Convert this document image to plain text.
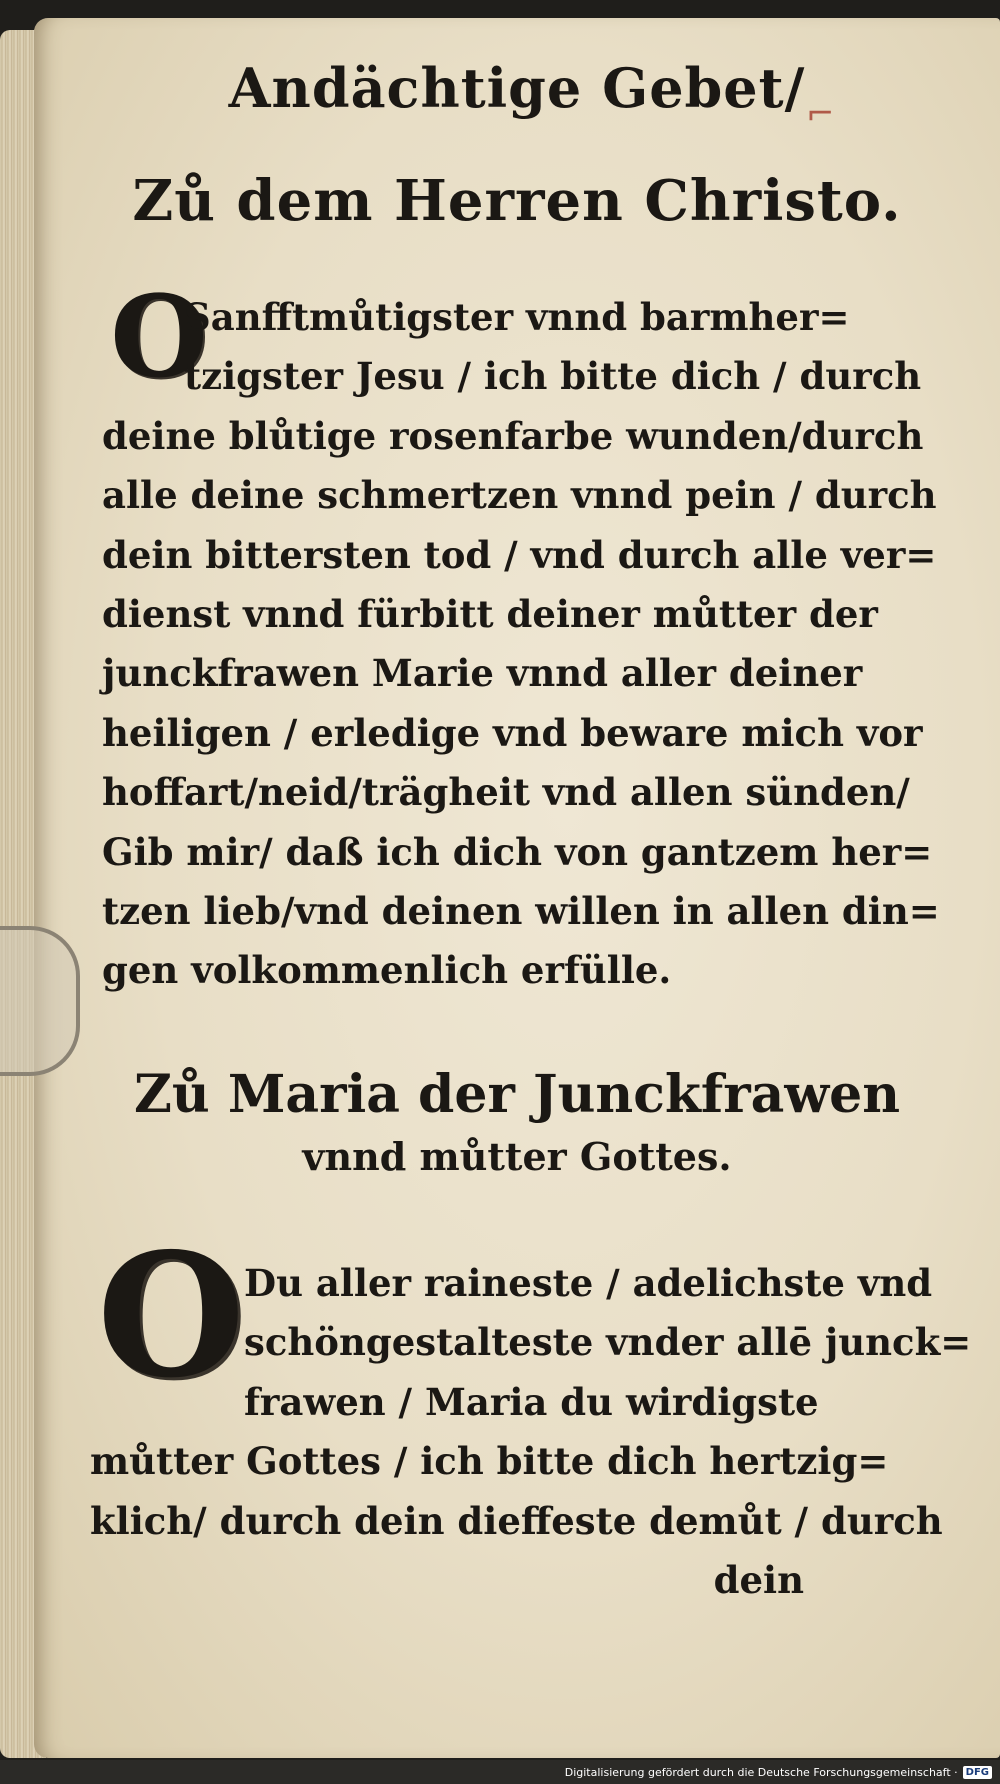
Andächtige Gebet/ ⌐
Zů dem Herren Christo.
O
Sanfftmůtigster vnnd barmher=
tzigster Jesu / ich bitte dich / durch
deine blůtige rosenfarbe wunden/durch
alle deine schmertzen vnnd pein / durch
dein bittersten tod / vnd durch alle ver=
dienst vnnd fürbitt deiner můtter der
junckfrawen Marie vnnd aller deiner
heiligen / erledige vnd beware mich vor
hoffart/neid/trägheit vnd allen sünden/
Gib mir/ daß ich dich von gantzem her=
tzen lieb/vnd deinen willen in allen din=
gen volkommenlich erfülle.
Zů Maria der Junckfrawen
vnnd můtter Gottes.
O
Du aller raineste / adelichste vnd
schöngestalteste vnder allē junck=
frawen / Maria du wirdigste
můtter Gottes / ich bitte dich hertzig=
klich/ durch dein dieffeste demůt / durch
dein
Digitalisierung gefördert durch die Deutsche Forschungsgemeinschaft · DFG
